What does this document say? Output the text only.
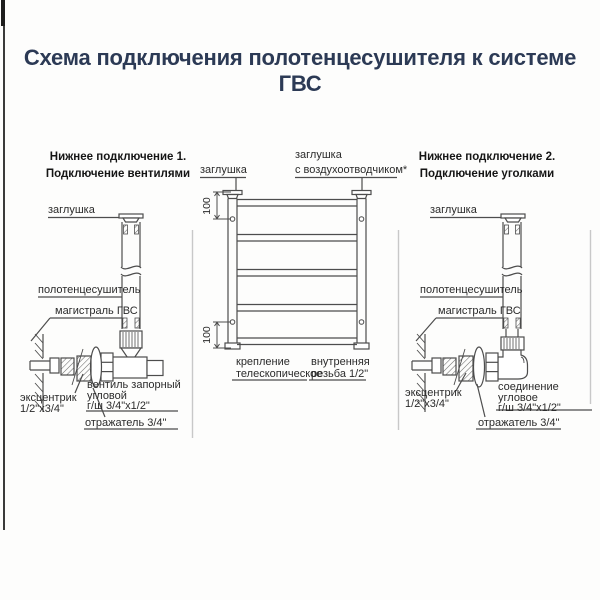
Схема подключения полотенцесушителя к системе ГВС
Нижнее подключение 1.
Подключение вентилями
заглушка
полотенцесушитель
магистраль ГВС
вентиль запорный
угловой
г/ш 3/4"x1/2"
эксцентрик
1/2"x3/4"
отражатель 3/4"
заглушка
заглушка
с воздухоотводчиком*
100
100
крепление
телескопическое
внутренняя
резьба 1/2"
Нижнее подключение 2.
Подключение уголками
заглушка
полотенцесушитель
магистраль ГВС
соединение
угловое
г/ш 3/4"x1/2"
эксцентрик
1/2"x3/4"
отражатель 3/4"
